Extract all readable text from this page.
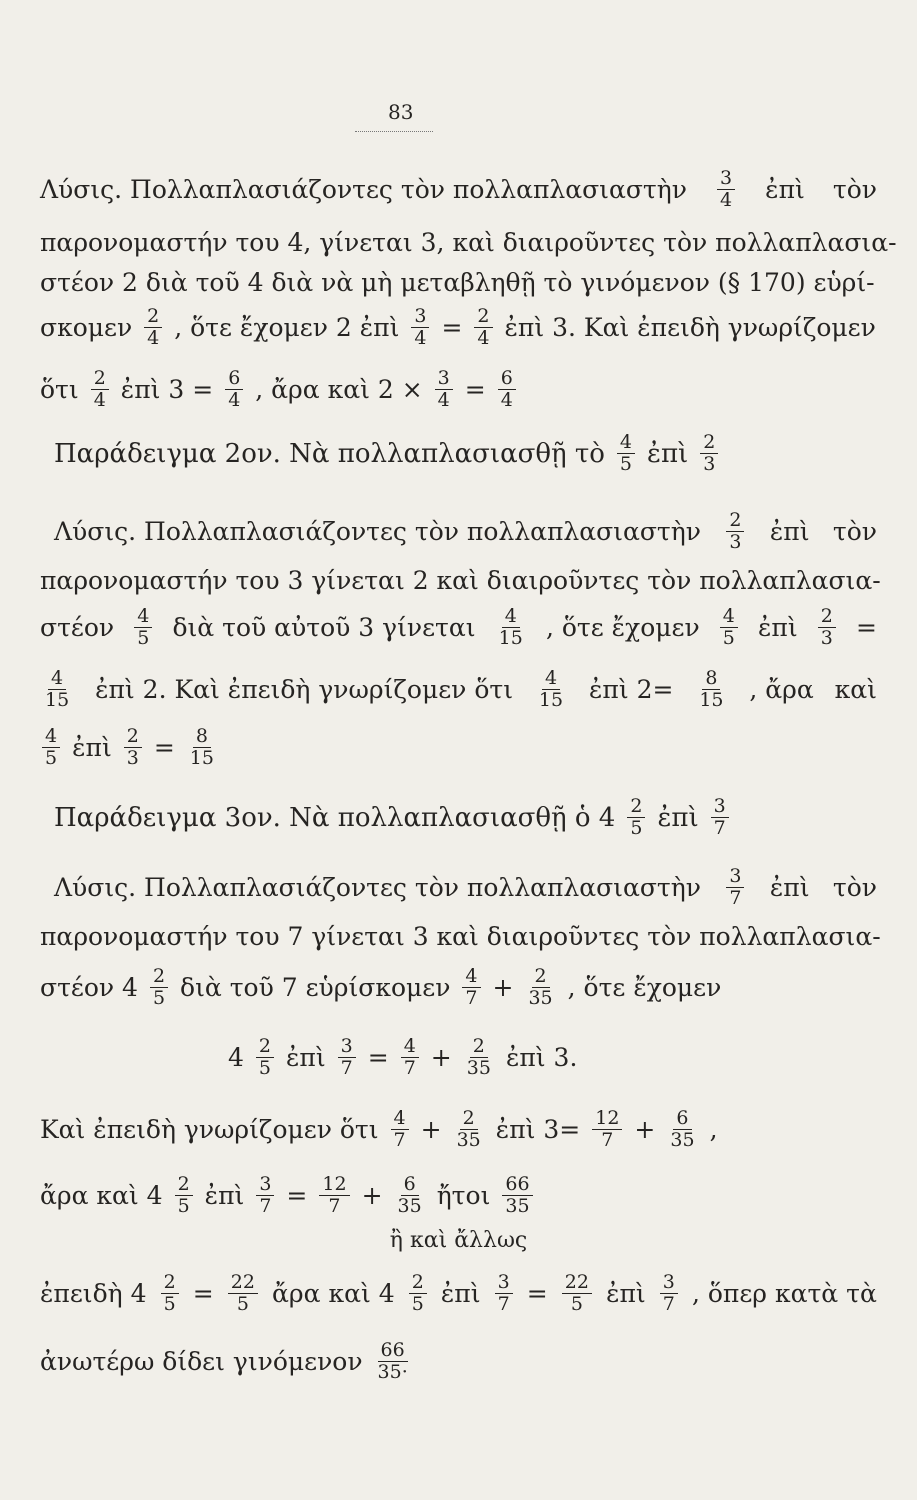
83
Λύσις. Πολλαπλασιάζοντες τὸν πολλαπλασιαστὴν $\frac{3}{4}$ ἐπὶ τὸν
παρονομαστήν του 4, γίνεται 3, καὶ διαιροῦντες τὸν πολλαπλασια-
στέον 2 διὰ τοῦ 4 διὰ νὰ μὴ μεταβληθῇ τὸ γινόμενον (§ 170) εὑρί-
σκομεν $\frac{2}{4}$ , ὅτε ἔχομεν 2 ἐπὶ $\frac{3}{4} = \frac{2}{4}$ ἐπὶ 3. Καὶ ἐπειδὴ γνωρίζομεν
ὅτι $\frac{2}{4}$ ἐπὶ $3 = \frac{6}{4}$ , ἄρα καὶ $2 \times \frac{3}{4} = \frac{6}{4}$
Παράδειγμα 2ον. Νὰ πολλαπλασιασθῇ τὸ $\frac{4}{5}$ ἐπὶ $\frac{2}{3}$
Λύσις. Πολλαπλασιάζοντες τὸν πολλαπλασιαστὴν $\frac{2}{3}$ ἐπὶ τὸν
παρονομαστήν του 3 γίνεται 2 καὶ διαιροῦντες τὸν πολλαπλασια-
στέον $\frac{4}{5}$ διὰ τοῦ αὐτοῦ 3 γίνεται $\frac{4}{15}$ , ὅτε ἔχομεν $\frac{4}{5}$ ἐπὶ $\frac{2}{3}$ =
$\frac{4}{15}$ ἐπὶ 2. Καὶ ἐπειδὴ γνωρίζομεν ὅτι $\frac{4}{15}$ ἐπὶ $2= \frac{8}{15}$ , ἄρα καὶ
$\frac{4}{5}$ ἐπὶ $\frac{2}{3} = \frac{8}{15}$
Παράδειγμα 3ον. Νὰ πολλαπλασιασθῇ ὁ $4 \frac{2}{5}$ ἐπὶ $\frac{3}{7}$
Λύσις. Πολλαπλασιάζοντες τὸν πολλαπλασιαστὴν $\frac{3}{7}$ ἐπὶ τὸν
παρονομαστήν του 7 γίνεται 3 καὶ διαιροῦντες τὸν πολλαπλασια-
στέον $4 \frac{2}{5}$ διὰ τοῦ 7 εὑρίσκομεν $\frac{4}{7} + \frac{2}{35}$ , ὅτε ἔχομεν
$4 \frac{2}{5}$ ἐπὶ $\frac{3}{7} = \frac{4}{7} + \frac{2}{35}$ ἐπὶ 3.
Καὶ ἐπειδὴ γνωρίζομεν ὅτι $\frac{4}{7} + \frac{2}{35}$ ἐπὶ $3= \frac{12}{7} + \frac{6}{35}$ ,
ἄρα καὶ $4 \frac{2}{5}$ ἐπὶ $\frac{3}{7} = \frac{12}{7} + \frac{6}{35}$ ἤτοι $\frac{66}{35}$
ἢ καὶ ἄλλως
ἐπειδὴ $4 \frac{2}{5} = \frac{22}{5}$ ἄρα καὶ $4 \frac{2}{5}$ ἐπὶ $\frac{3}{7} = \frac{22}{5}$ ἐπὶ $\frac{3}{7}$ , ὅπερ κατὰ τὰ
ἀνωτέρω δίδει γινόμενον $\frac{66}{35\cdot}$
